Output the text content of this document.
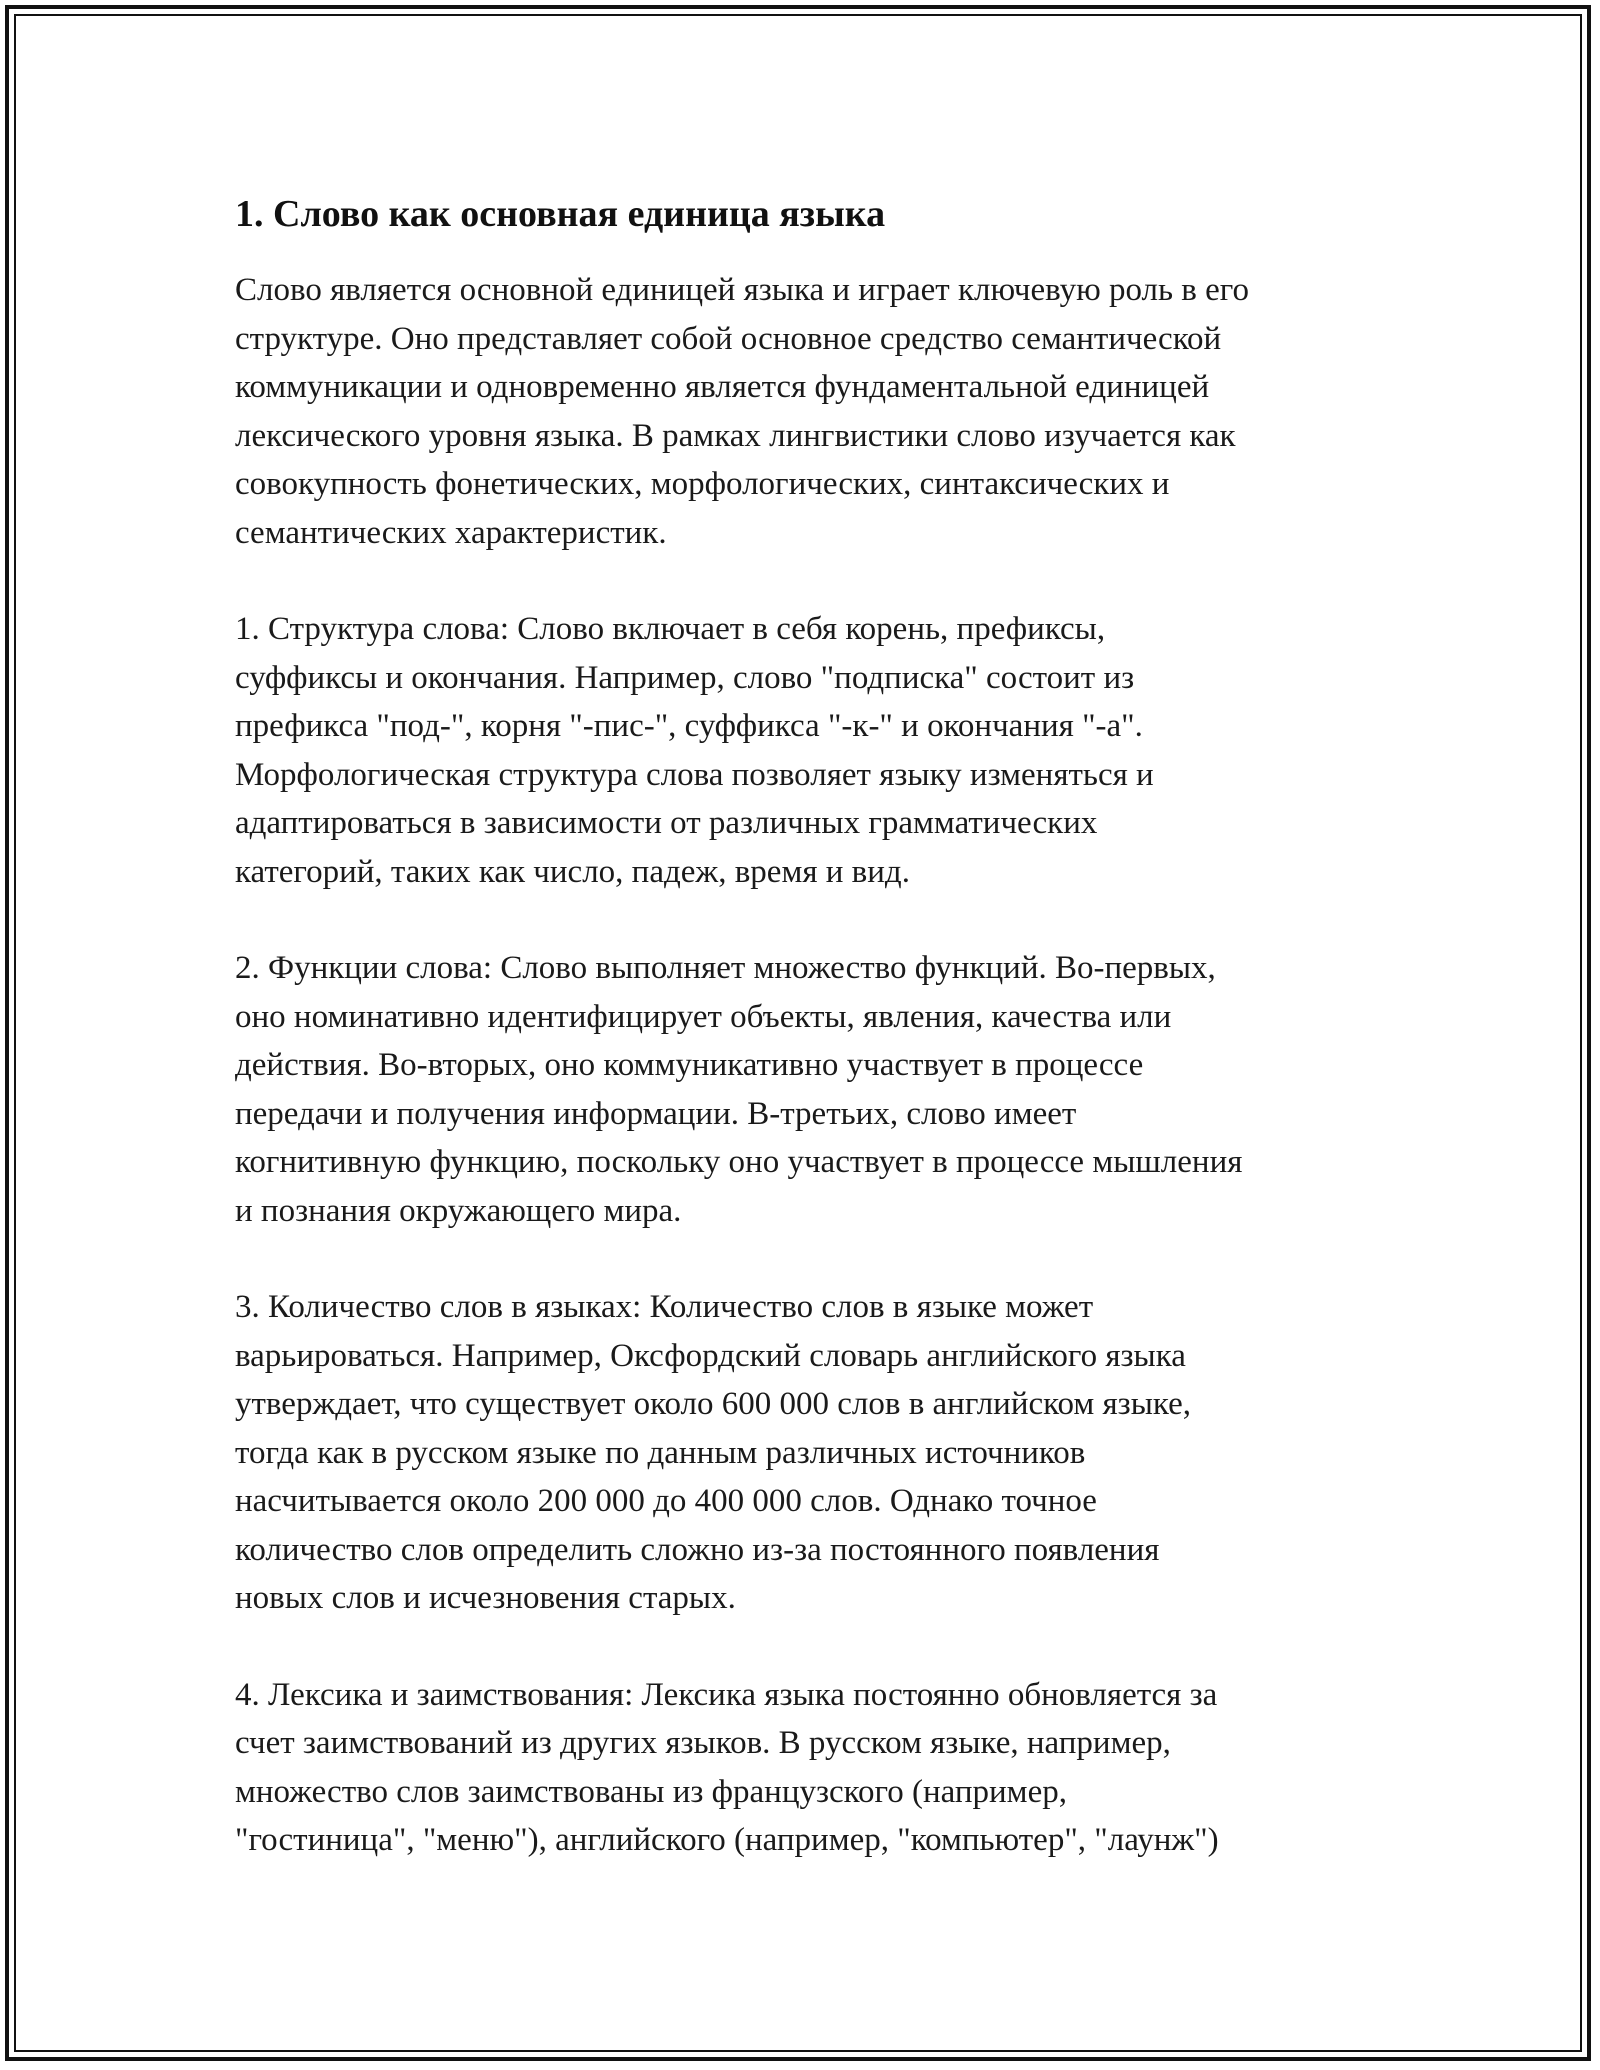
1. Слово как основная единица языка

Слово является основной единицей языка и играет ключевую роль в его
структуре. Оно представляет собой основное средство семантической
коммуникации и одновременно является фундаментальной единицей
лексического уровня языка. В рамках лингвистики слово изучается как
совокупность фонетических, морфологических, синтаксических и
семантических характеристик.

1. Структура слова: Слово включает в себя корень, префиксы,
суффиксы и окончания. Например, слово "подписка" состоит из
префикса "под-", корня "-пис-", суффикса "-к-" и окончания "-а".
Морфологическая структура слова позволяет языку изменяться и
адаптироваться в зависимости от различных грамматических
категорий, таких как число, падеж, время и вид.

2. Функции слова: Слово выполняет множество функций. Во-первых,
оно номинативно идентифицирует объекты, явления, качества или
действия. Во-вторых, оно коммуникативно участвует в процессе
передачи и получения информации. В-третьих, слово имеет
когнитивную функцию, поскольку оно участвует в процессе мышления
и познания окружающего мира.

3. Количество слов в языках: Количество слов в языке может
варьироваться. Например, Оксфордский словарь английского языка
утверждает, что существует около 600 000 слов в английском языке,
тогда как в русском языке по данным различных источников
насчитывается около 200 000 до 400 000 слов. Однако точное
количество слов определить сложно из-за постоянного появления
новых слов и исчезновения старых.

4. Лексика и заимствования: Лексика языка постоянно обновляется за
счет заимствований из других языков. В русском языке, например,
множество слов заимствованы из французского (например,
"гостиница", "меню"), английского (например, "компьютер", "лаунж")
